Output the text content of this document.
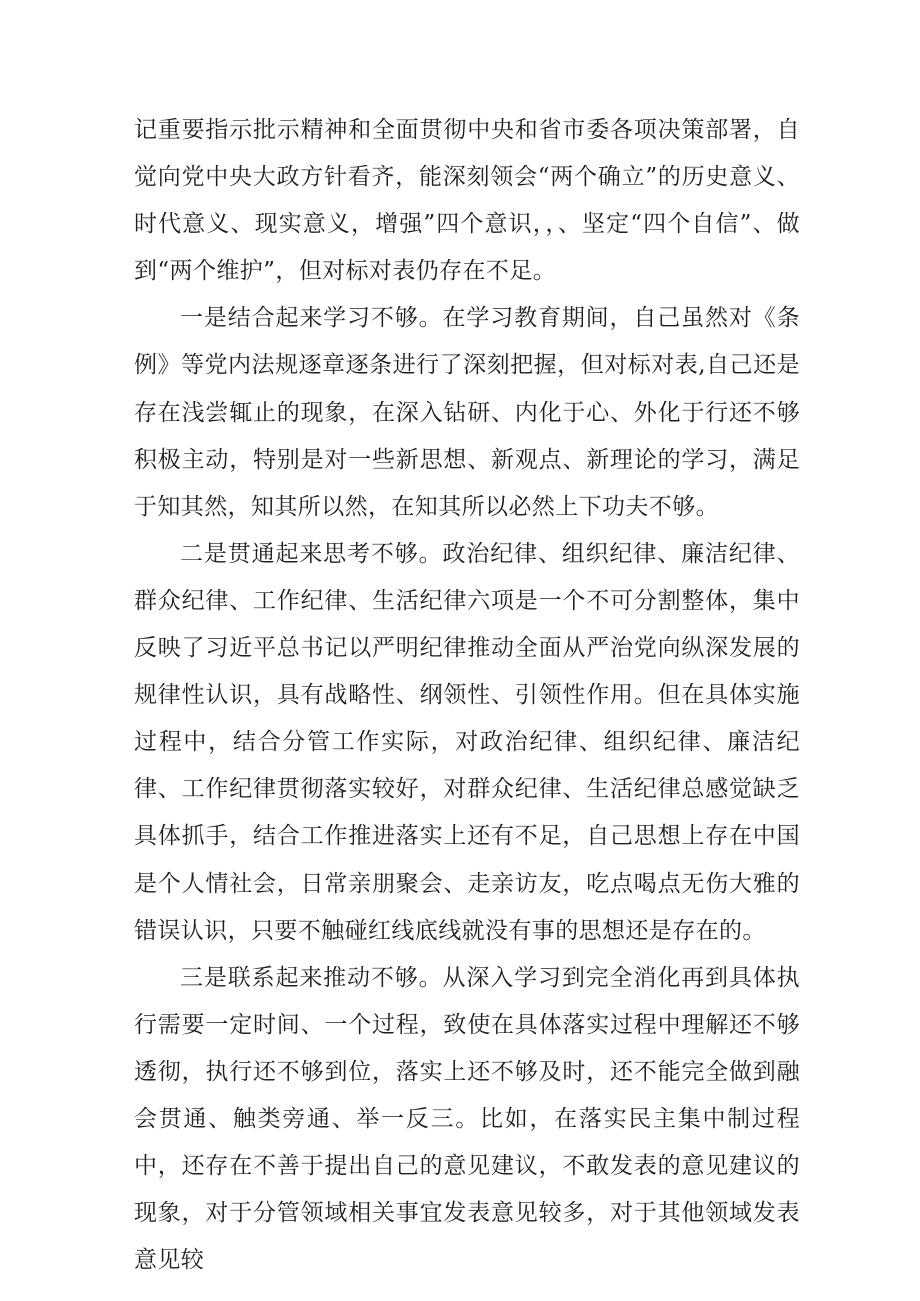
记重要指示批示精神和全面贯彻中央和省市委各项决策部署，自觉向党中央大政方针看齐，能深刻领会“两个确立”的历史意义、时代意义、现实意义，增强”四个意识，，、坚定“四个自信”、做到“两个维护”，但对标对表仍存在不足。

一是结合起来学习不够。在学习教育期间，自己虽然对《条例》等党内法规逐章逐条进行了深刻把握，但对标对表,自己还是存在浅尝辄止的现象，在深入钻研、内化于心、外化于行还不够积极主动，特别是对一些新思想、新观点、新理论的学习，满足于知其然，知其所以然，在知其所以必然上下功夫不够。

二是贯通起来思考不够。政治纪律、组织纪律、廉洁纪律、群众纪律、工作纪律、生活纪律六项是一个不可分割整体，集中反映了习近平总书记以严明纪律推动全面从严治党向纵深发展的规律性认识，具有战略性、纲领性、引领性作用。但在具体实施过程中，结合分管工作实际，对政治纪律、组织纪律、廉洁纪律、工作纪律贯彻落实较好，对群众纪律、生活纪律总感觉缺乏具体抓手，结合工作推进落实上还有不足，自己思想上存在中国是个人情社会，日常亲朋聚会、走亲访友，吃点喝点无伤大雅的错误认识，只要不触碰红线底线就没有事的思想还是存在的。

三是联系起来推动不够。从深入学习到完全消化再到具体执行需要一定时间、一个过程，致使在具体落实过程中理解还不够透彻，执行还不够到位，落实上还不够及时，还不能完全做到融会贯通、触类旁通、举一反三。比如，在落实民主集中制过程中，还存在不善于提出自己的意见建议，不敢发表的意见建议的现象，对于分管领域相关事宜发表意见较多，对于其他领域发表意见较
